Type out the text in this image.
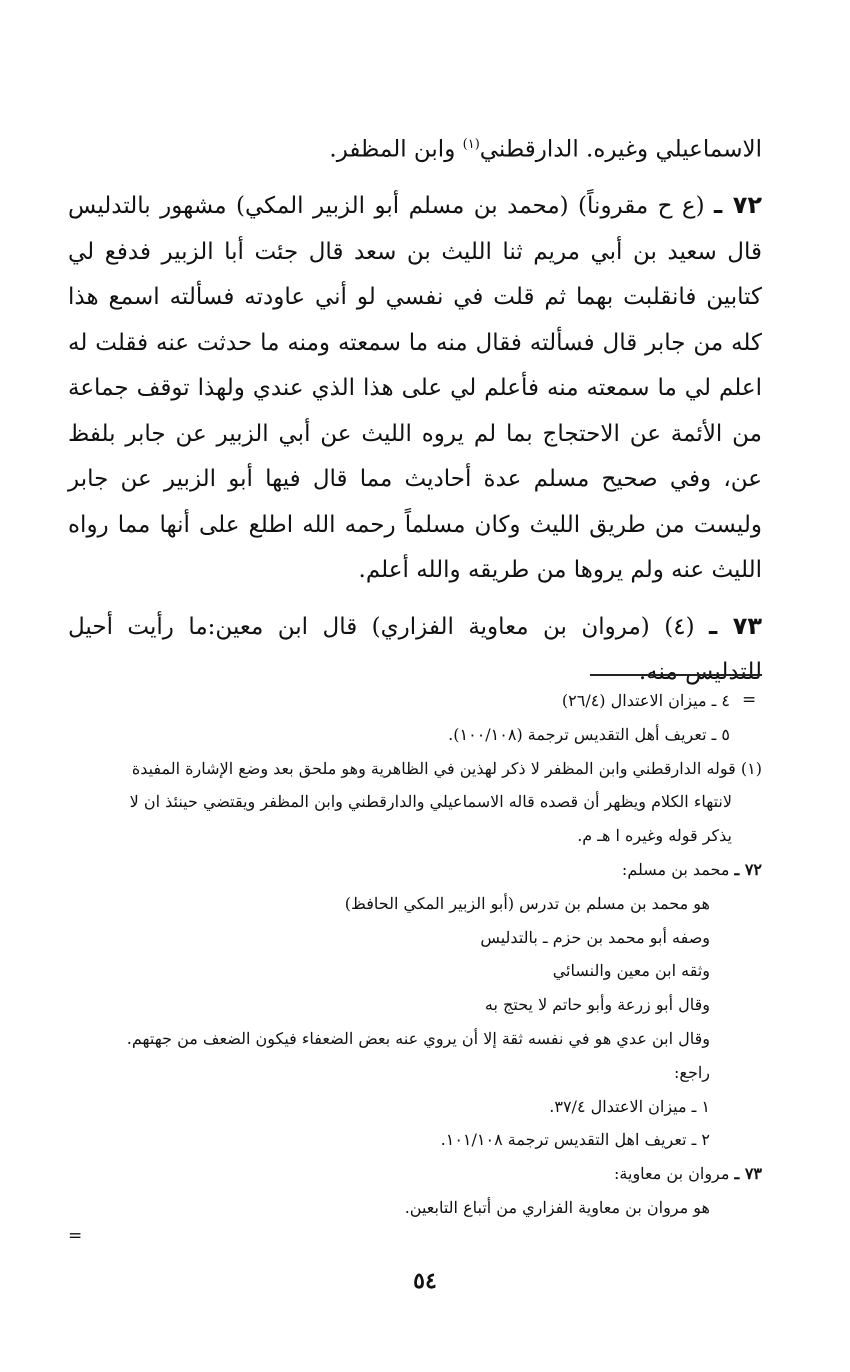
الاسماعيلي وغيره. الدارقطني$^{(١)}$ وابن المظفر.

٧٢ ـ (ع ح مقروناً) (محمد بن مسلم أبو الزبير المكي) مشهور بالتدليس قال سعيد بن أبي مريم ثنا الليث بن سعد قال جئت أبا الزبير فدفع لي كتابين فانقلبت بهما ثم قلت في نفسي لو أني عاودته فسألته اسمع هذا كله من جابر قال فسألته فقال منه ما سمعته ومنه ما حدثت عنه فقلت له اعلم لي ما سمعته منه فأعلم لي على هذا الذي عندي ولهذا توقف جماعة من الأئمة عن الاحتجاج بما لم يروه الليث عن أبي الزبير عن جابر بلفظ عن، وفي صحيح مسلم عدة أحاديث مما قال فيها أبو الزبير عن جابر وليست من طريق الليث وكان مسلماً رحمه الله اطلع على أنها مما رواه الليث عنه ولم يروها من طريقه والله أعلم.

٧٣ ـ (٤) (مروان بن معاوية الفزاري) قال ابن معين:ما رأيت أحيل للتدليس منه.

=

٤ ـ ميزان الاعتدال (٢٦/٤)

٥ ـ تعريف أهل التقديس ترجمة (١٠٠/١٠٨).

(١) قوله الدارقطني وابن المظفر لا ذكر لهذين في الظاهرية وهو ملحق بعد وضع الإشارة المفيدة
لانتهاء الكلام ويظهر أن قصده قاله الاسماعيلي والدارقطني وابن المظفر ويقتضي حينئذ ان لا
يذكر قوله وغيره ا هـ م.

٧٢ ـ محمد بن مسلم:

هو محمد بن مسلم بن تدرس (أبو الزبير المكي الحافظ)

وصفه أبو محمد بن حزم ـ بالتدليس

وثقه ابن معين والنسائي

وقال أبو زرعة وأبو حاتم لا يحتج به

وقال ابن عدي هو في نفسه ثقة إلا أن يروي عنه بعض الضعفاء فيكون الضعف من جهتهم.

راجع:

١ ـ ميزان الاعتدال ٣٧/٤.

٢ ـ تعريف اهل التقديس ترجمة ١٠١/١٠٨.

٧٣ ـ مروان بن معاوية:

هو مروان بن معاوية الفزاري من أتباع التابعين.

=
٥٤
